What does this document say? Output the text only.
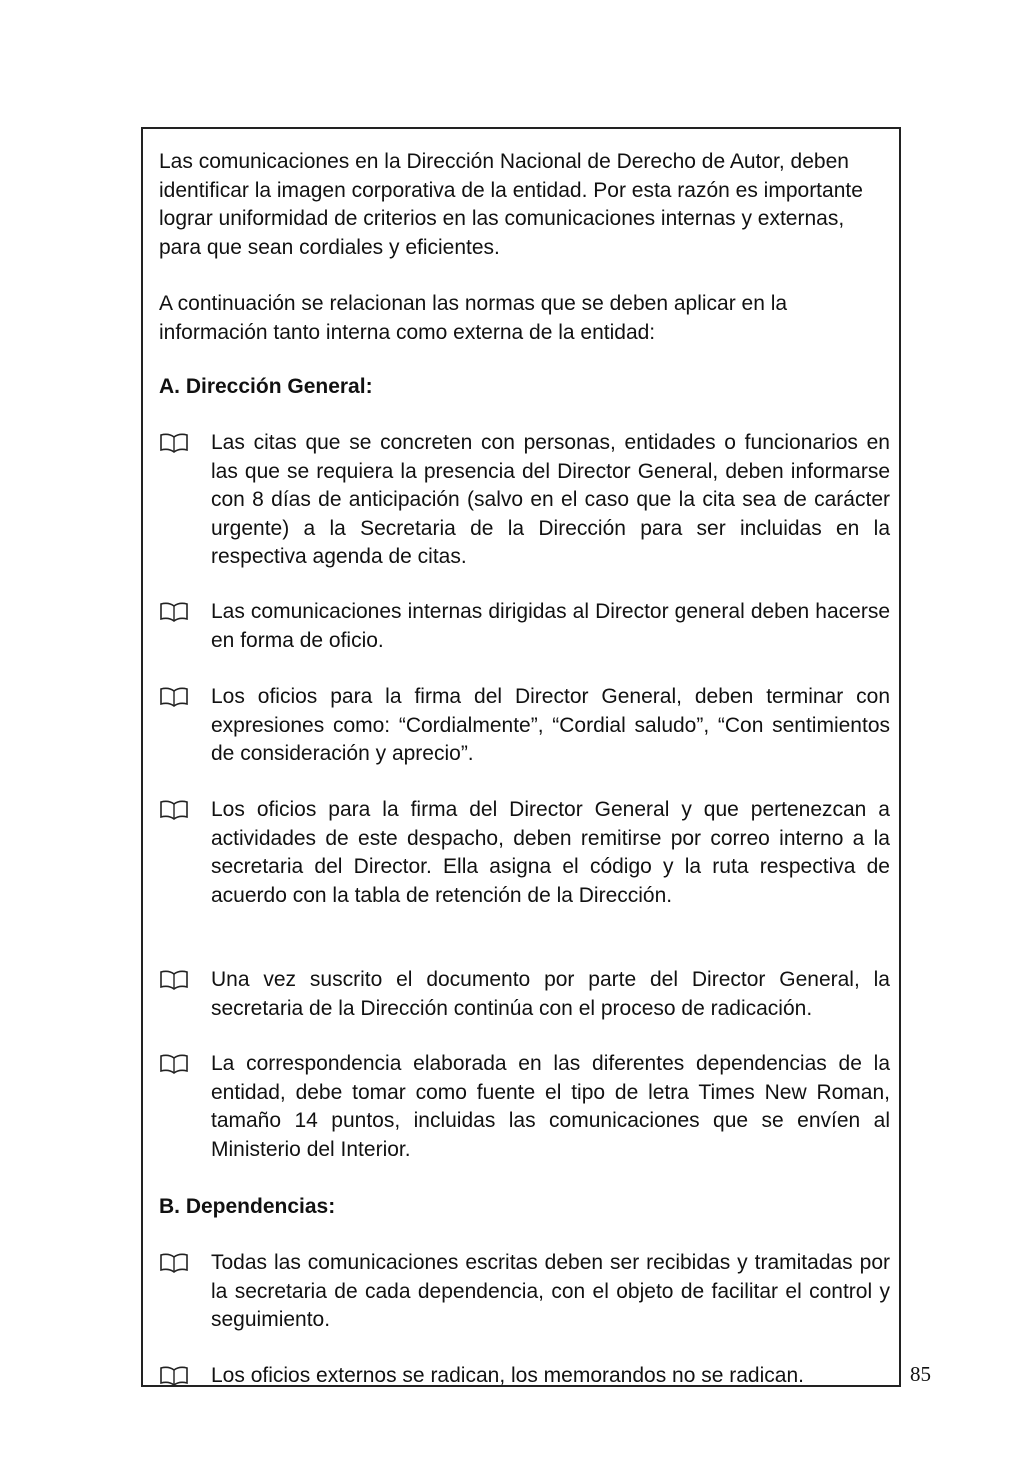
Las comunicaciones en la Dirección Nacional de Derecho de Autor, deben identificar la imagen corporativa de la entidad. Por esta razón es importante lograr uniformidad de criterios en las comunicaciones internas y externas, para que sean cordiales y eficientes.

A continuación se relacionan las normas que se deben aplicar en la información tanto interna como externa de la entidad:

A. Dirección General:
Las citas que se concreten con personas, entidades o funcionarios en las que se requiera la presencia del Director General, deben informarse con 8 días de anticipación (salvo en el caso que la cita sea de carácter urgente) a la Secretaria de la Dirección para ser incluidas en la respectiva agenda de citas.
Las comunicaciones internas dirigidas al Director general deben hacerse en forma de oficio.
Los oficios para la firma del Director General, deben terminar con expresiones como: “Cordialmente”, “Cordial saludo”, “Con sentimientos de consideración y aprecio”.
Los oficios para la firma del Director General y que pertenezcan a actividades de este despacho, deben remitirse por correo interno a la secretaria del Director. Ella asigna el código y la ruta respectiva de acuerdo con la tabla de retención de la Dirección.
Una vez suscrito el documento por parte del Director General, la secretaria de la Dirección continúa con el proceso de radicación.
La correspondencia elaborada en las diferentes dependencias de la entidad, debe tomar como fuente el tipo de letra Times New Roman, tamaño 14 puntos, incluidas las comunicaciones que se envíen al Ministerio del Interior.
B. Dependencias:
Todas las comunicaciones escritas deben ser recibidas y tramitadas por la secretaria de cada dependencia, con el objeto de facilitar el control y seguimiento.
Los oficios externos se radican, los memorandos no se radican.	85
